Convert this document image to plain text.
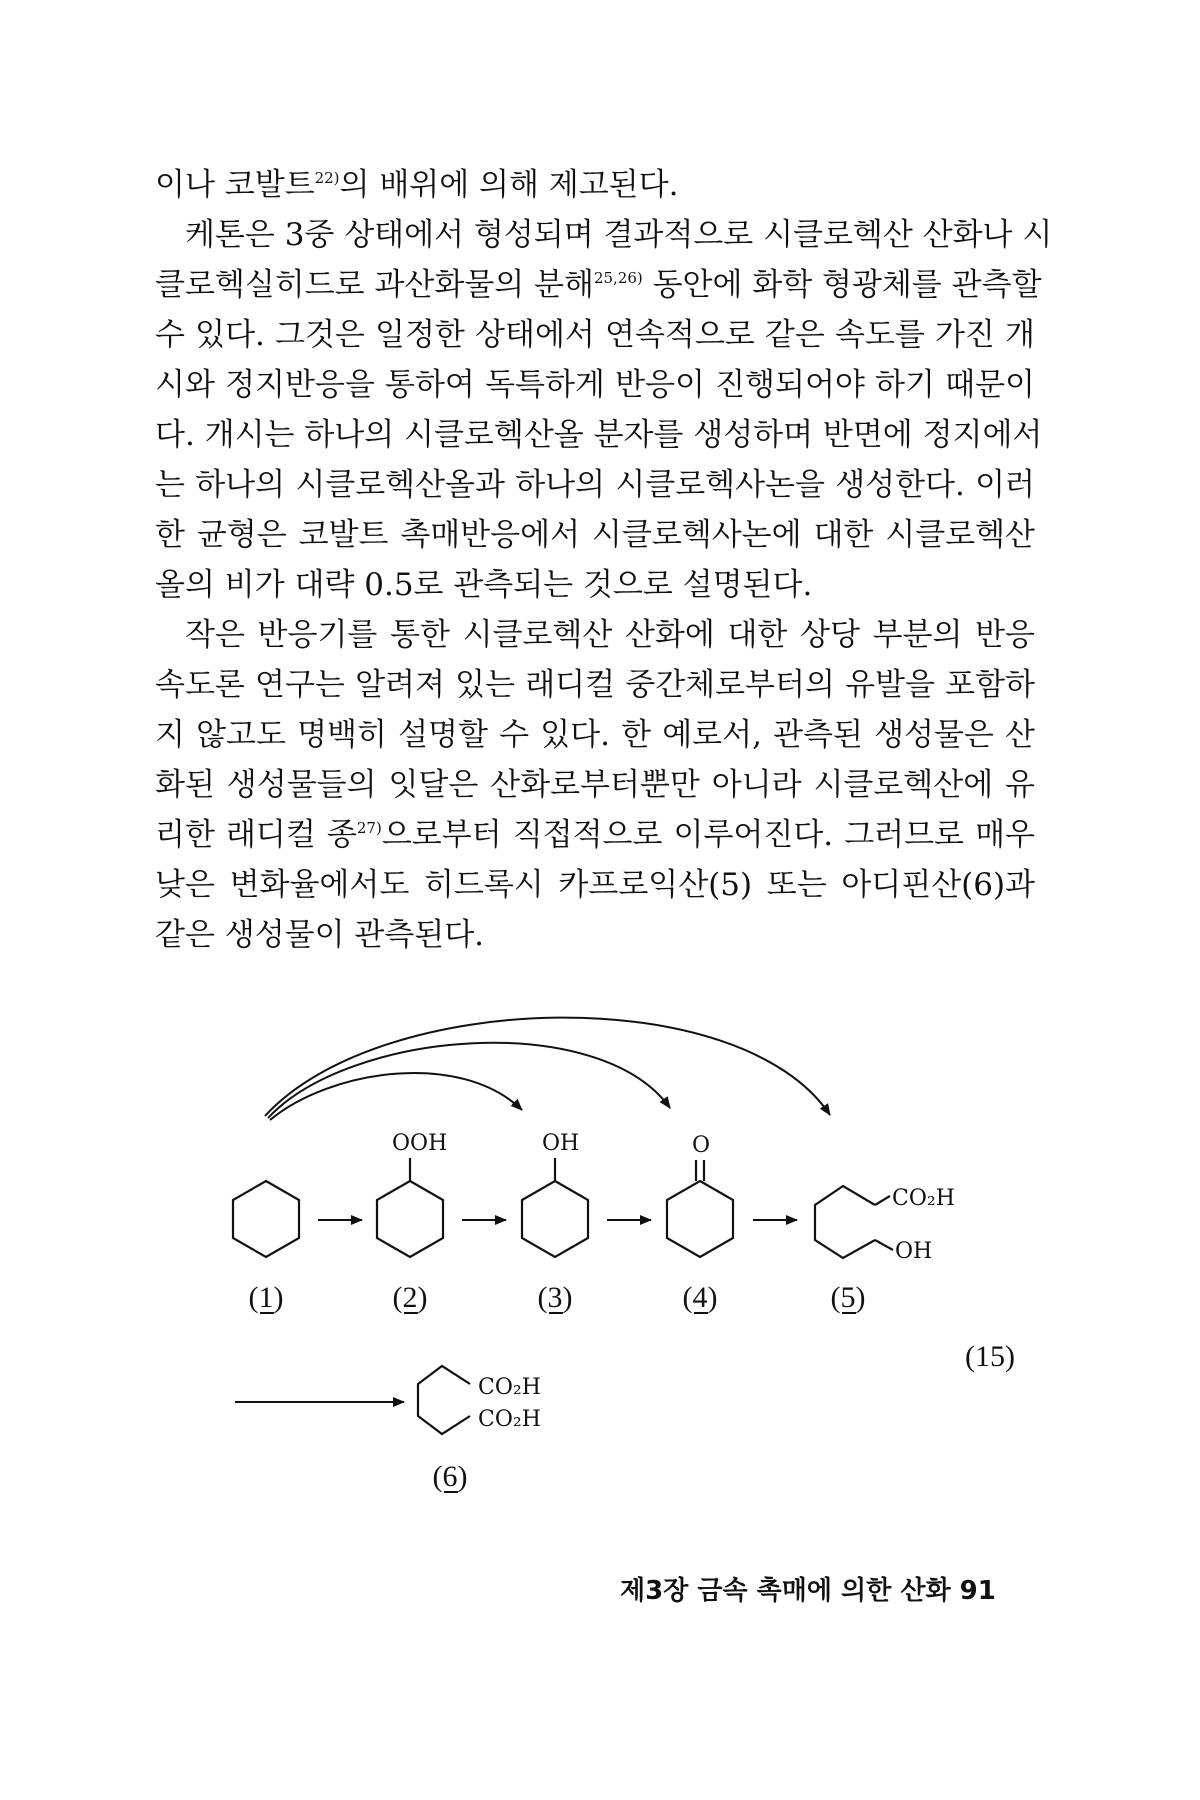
이나 코발트$^{22)}$의 배위에 의해 제고된다.
케톤은 3중 상태에서 형성되며 결과적으로 시클로헥산 산화나 시
클로헥실히드로 과산화물의 분해$^{25,26)}$ 동안에 화학 형광체를 관측할
수 있다. 그것은 일정한 상태에서 연속적으로 같은 속도를 가진 개
시와 정지반응을 통하여 독특하게 반응이 진행되어야 하기 때문이
다. 개시는 하나의 시클로헥산올 분자를 생성하며 반면에 정지에서
는 하나의 시클로헥산올과 하나의 시클로헥사논을 생성한다. 이러
한 균형은 코발트 촉매반응에서 시클로헥사논에 대한 시클로헥산
올의 비가 대략 0.5로 관측되는 것으로 설명된다.
작은 반응기를 통한 시클로헥산 산화에 대한 상당 부분의 반응
속도론 연구는 알려져 있는 래디컬 중간체로부터의 유발을 포함하
지 않고도 명백히 설명할 수 있다. 한 예로서, 관측된 생성물은 산
화된 생성물들의 잇달은 산화로부터뿐만 아니라 시클로헥산에 유
리한 래디컬 종$^{27)}$으로부터 직접적으로 이루어진다. 그러므로 매우
낮은 변화율에서도 히드록시 카프로익산(5) 또는 아디핀산(6)과
같은 생성물이 관측된다.
OOH	OH	O
CO₂H
OH
CO₂H
CO₂H
(1)	(2)	(3)	(4)	(5)
(6)
(15)
제3장 금속 촉매에 의한 산화 91
